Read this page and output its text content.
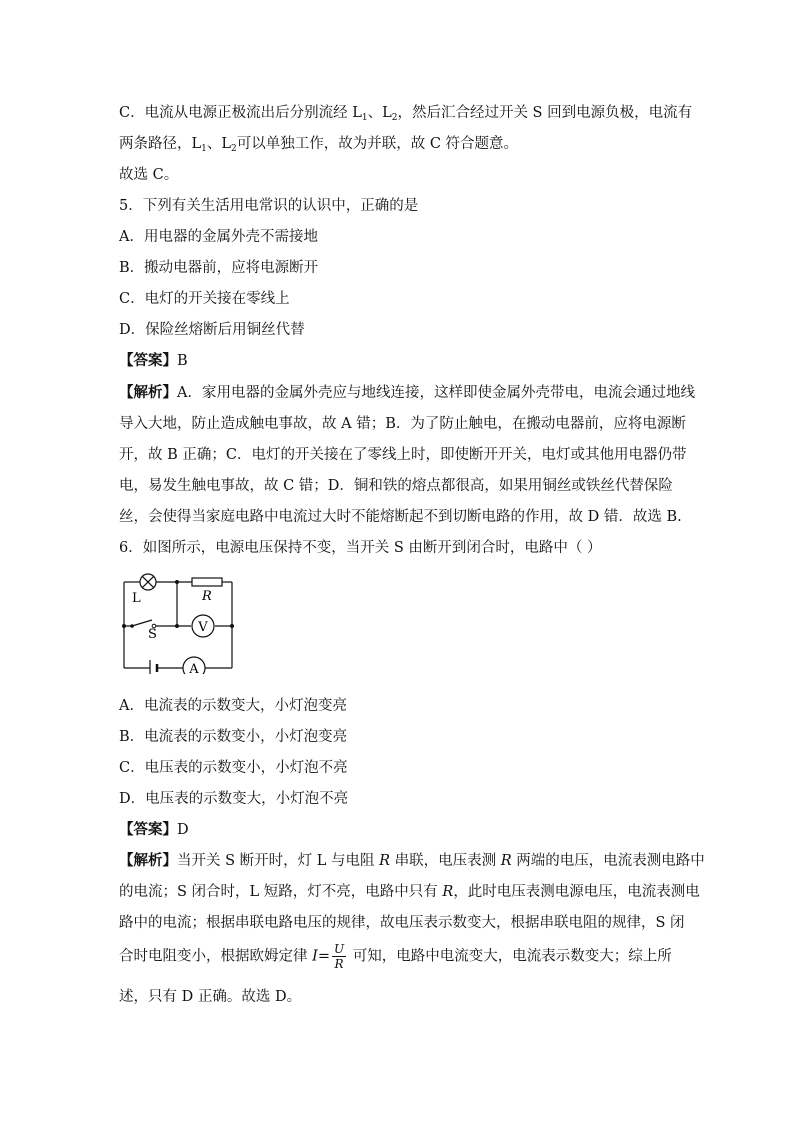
C．电流从电源正极流出后分别流经 $L_1$、$L_2$，然后汇合经过开关 S 回到电源负极，电流有
两条路径，$L_1$、$L_2$可以单独工作，故为并联，故 C 符合题意。
故选 C。
5．下列有关生活用电常识的认识中，正确的是
A．用电器的金属外壳不需接地
B．搬动电器前，应将电源断开
C．电灯的开关接在零线上
D．保险丝熔断后用铜丝代替
【答案】B
【解析】A．家用电器的金属外壳应与地线连接，这样即使金属外壳带电，电流会通过地线
导入大地，防止造成触电事故，故 A 错；B．为了防止触电，在搬动电器前，应将电源断
开，故 B 正确；C．电灯的开关接在了零线上时，即使断开开关，电灯或其他用电器仍带
电，易发生触电事故，故 C 错；D．铜和铁的熔点都很高，如果用铜丝或铁丝代替保险
丝，会使得当家庭电路中电流过大时不能熔断起不到切断电路的作用，故 D 错．故选 B.
6．如图所示，电源电压保持不变，当开关 S 由断开到闭合时，电路中（ ）
V
A
L	R
S
A．电流表的示数变大，小灯泡变亮
B．电流表的示数变小，小灯泡变亮
C．电压表的示数变小，小灯泡不亮
D．电压表的示数变大，小灯泡不亮
【答案】D
【解析】当开关 S 断开时，灯 L 与电阻 R 串联，电压表测 R 两端的电压，电流表测电路中
的电流；S 闭合时，L 短路，灯不亮，电路中只有 R，此时电压表测电源电压，电流表测电
路中的电流；根据串联电路电压的规律，故电压表示数变大，根据串联电阻的规律，S 闭
合时电阻变小，根据欧姆定律 $I= \frac{U}{R}$ 可知，电路中电流变大，电流表示数变大；综上所
述，只有 D 正确。故选 D。
